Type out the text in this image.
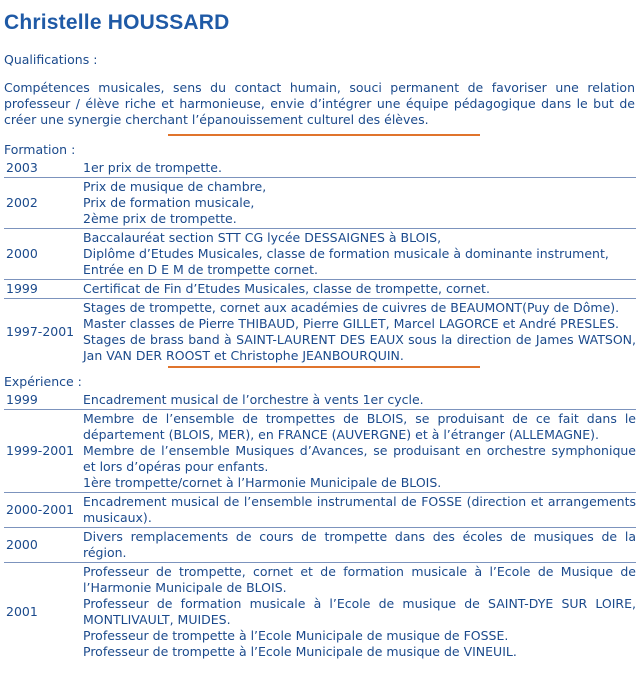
Christelle HOUSSARD
Qualifications :
Compétences musicales, sens du contact humain, souci permanent de favoriser une relation professeur / élève riche et harmonieuse, envie d’intégrer une équipe pédagogique dans le but de créer une synergie cherchant l’épanouissement culturel des élèves.
Formation :
2003	1er prix de trompette.

2002	Prix de musique de chambre,
Prix de formation musicale,
2ème prix de trompette.

2000	Baccalauréat section STT CG lycée DESSAIGNES à BLOIS,
Diplôme d’Etudes Musicales, classe de formation musicale à dominante instrument,
Entrée en D E M de trompette cornet.

1999	Certificat de Fin d’Etudes Musicales, classe de trompette, cornet.

1997-2001	Stages de trompette, cornet aux académies de cuivres de BEAUMONT(Puy de Dôme).
Master classes de Pierre THIBAUD, Pierre GILLET, Marcel LAGORCE et André PRESLES.
Stages de brass band à SAINT-LAURENT DES EAUX sous la direction de James WATSON, Jan VAN DER ROOST et Christophe JEANBOURQUIN.
Expérience :
1999	Encadrement musical de l’orchestre à vents 1er cycle.

1999-2001	Membre de l’ensemble de trompettes de BLOIS, se produisant de ce fait dans le département (BLOIS, MER), en FRANCE (AUVERGNE) et à l’étranger (ALLEMAGNE).
Membre de l’ensemble Musiques d’Avances, se produisant en orchestre symphonique et lors d’opéras pour enfants.
1ère trompette/cornet à l’Harmonie Municipale de BLOIS.

2000-2001	Encadrement musical de l’ensemble instrumental de FOSSE (direction et arrangements musicaux).

2000	Divers remplacements de cours de trompette dans des écoles de musiques de la région.

2001	Professeur de trompette, cornet et de formation musicale à l’Ecole de Musique de l’Harmonie Municipale de BLOIS.
Professeur de formation musicale à l’Ecole de musique de SAINT-DYE SUR LOIRE, MONTLIVAULT, MUIDES.
Professeur de trompette à l’Ecole Municipale de musique de FOSSE.
Professeur de trompette à l’Ecole Municipale de musique de VINEUIL.
